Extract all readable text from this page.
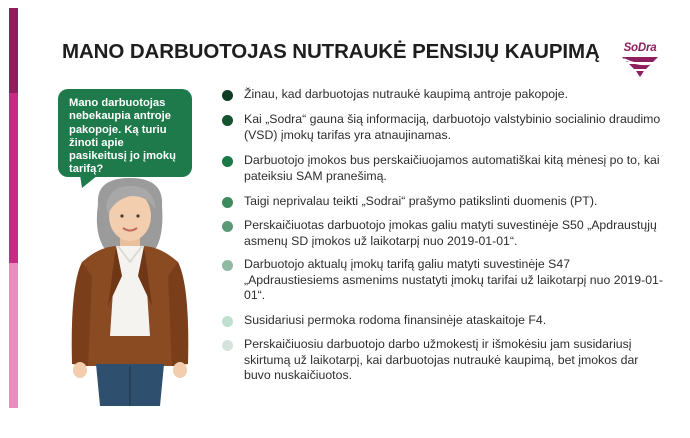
MANO DARBUOTOJAS NUTRAUKĖ PENSIJŲ KAUPIMĄ	SoDra
Mano darbuotojas nebekaupia antroje pakopoje. Ką turiu žinoti apie pasikeitusį jo įmokų tarifą?
Žinau, kad darbuotojas nutraukė kaupimą antroje pakopoje.
Kai „Sodra“ gauna šią informaciją, darbuotojo valstybinio socialinio draudimo (VSD) įmokų tarifas yra atnaujinamas.
Darbuotojo įmokos bus perskaičiuojamos automatiškai kitą mėnesį po to, kai pateiksiu SAM pranešimą.
Taigi neprivalau teikti „Sodrai“ prašymo patikslinti duomenis (PT).
Perskaičiuotas darbuotojo įmokas galiu matyti suvestinėje S50 „Apdraustųjų asmenų SD įmokos už laikotarpį nuo 2019-01-01“.
Darbuotojo aktualų įmokų tarifą galiu matyti suvestinėje S47 „Apdraustiesiems asmenims nustatyti įmokų tarifai už laikotarpį nuo 2019-01-01“.
Susidariusi permoka rodoma finansinėje ataskaitoje F4.
Perskaičiuosiu darbuotojo darbo užmokestį ir išmokėsiu jam susidariusį skirtumą už laikotarpį, kai darbuotojas nutraukė kaupimą, bet įmokos dar buvo nuskaičiuotos.
